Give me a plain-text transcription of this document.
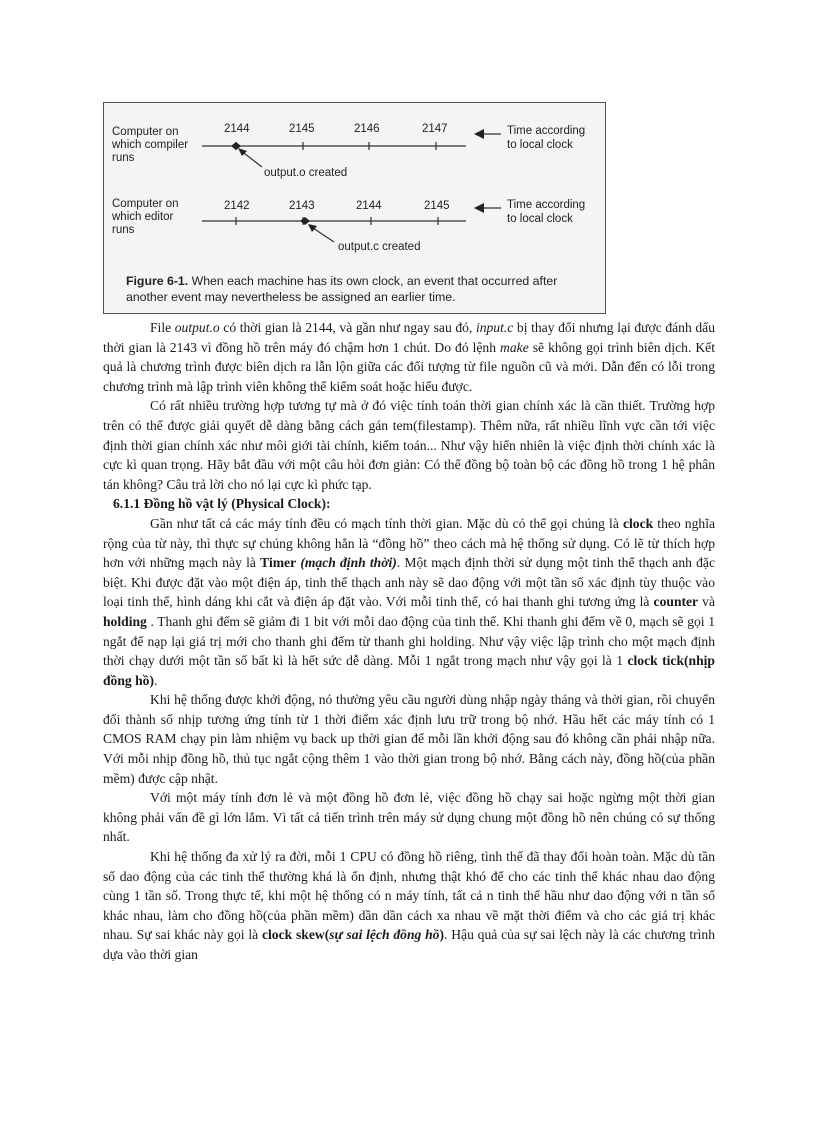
Computer on
which compiler
runs
2144	2145	2146	2147	Time according
to local clock
output.o created
Computer on
which editor
runs
2142	2143	2144	2145	Time according
to local clock
output.c created
Figure 6-1. When each machine has its own clock, an event that occurred after another event may nevertheless be assigned an earlier time.

File output.o có thời gian là 2144, và gần như ngay sau đó, input.c bị thay đổi nhưng lại được đánh dấu thời gian là 2143 vì đồng hồ trên máy đó chậm hơn 1 chút. Do đó lệnh make sẽ không gọi trình biên dịch. Kết quả là chương trình được biên dịch ra lẫn lộn giữa các đối tượng từ file nguồn cũ và mới. Dẫn đến có lỗi trong chương trình mà lập trình viên không thể kiểm soát hoặc hiểu được.

Có rất nhiều trường hợp tương tự mà ở đó việc tính toán thời gian chính xác là cần thiết. Trường hợp trên có thể được giải quyết dễ dàng bằng cách gán tem(filestamp). Thêm nữa, rất nhiều lĩnh vực cần tới việc định thời gian chính xác như môi giới tài chính, kiểm toán... Như vậy hiển nhiên là việc định thời chính xác là cực kì quan trọng. Hãy bắt đầu với một câu hỏi đơn giản: Có thể đồng bộ toàn bộ các đồng hồ trong 1 hệ phân tán không? Câu trả lời cho nó lại cực kì phức tạp.

6.1.1 Đồng hồ vật lý (Physical Clock):

Gần như tất cả các máy tính đều có mạch tính thời gian. Mặc dù có thể gọi chúng là clock theo nghĩa rộng của từ này, thì thực sự chúng không hẳn là “đồng hồ” theo cách mà hệ thống sử dụng. Có lẽ từ thích hợp hơn với những mạch này là Timer (mạch định thời). Một mạch định thời sử dụng một tinh thể thạch anh đặc biệt. Khi được đặt vào một điện áp, tinh thể thạch anh này sẽ dao động với một tần số xác định tùy thuộc vào loại tinh thể, hình dáng khi cắt và điện áp đặt vào. Với mỗi tinh thể, có hai thanh ghi tương ứng là counter và holding . Thanh ghi đếm sẽ giảm đi 1 bit với mỗi dao động của tinh thể. Khi thanh ghi đếm về 0, mạch sẽ gọi 1 ngắt để nạp lại giá trị mới cho thanh ghi đếm từ thanh ghi holding. Như vậy việc lập trình cho một mạch định thời chạy dưới một tần số bất kì là hết sức dễ dàng. Mỗi 1 ngắt trong mạch như vậy gọi là 1 clock tick(nhịp đồng hồ).

Khi hệ thống được khởi động, nó thường yêu cầu người dùng nhập ngày tháng và thời gian, rồi chuyển đổi thành số nhịp tương ứng tính từ 1 thời điểm xác định lưu trữ trong bộ nhớ. Hầu hết các máy tính có 1 CMOS RAM chạy pin làm nhiệm vụ back up thời gian để mỗi lần khởi động sau đó không cần phải nhập nữa. Với mỗi nhịp đồng hồ, thủ tục ngắt cộng thêm 1 vào thời gian trong bộ nhớ. Bằng cách này, đồng hồ(của phần mềm) được cập nhật.

Với một máy tính đơn lẻ và một đồng hồ đơn lẻ, việc đồng hồ chạy sai hoặc ngừng một thời gian không phải vấn đề gì lớn lắm. Vì tất cả tiến trình trên máy sử dụng chung một đồng hồ nên chúng có sự thống nhất.

Khi hệ thống đa xử lý ra đời, mỗi 1 CPU có đồng hồ riêng, tình thế đã thay đổi hoàn toàn. Mặc dù tần số dao động của các tinh thể thường khá là ổn định, nhưng thật khó để cho các tinh thể khác nhau dao động cùng 1 tần số. Trong thực tế, khi một hệ thống có n máy tính, tất cả n tinh thể hầu như dao động với n tần số khác nhau, làm cho đồng hồ(của phần mềm) dần dần cách xa nhau về mặt thời điểm và cho các giá trị khác nhau. Sự sai khác này gọi là clock skew(sự sai lệch đồng hồ). Hậu quả của sự sai lệch này là các chương trình dựa vào thời gian
